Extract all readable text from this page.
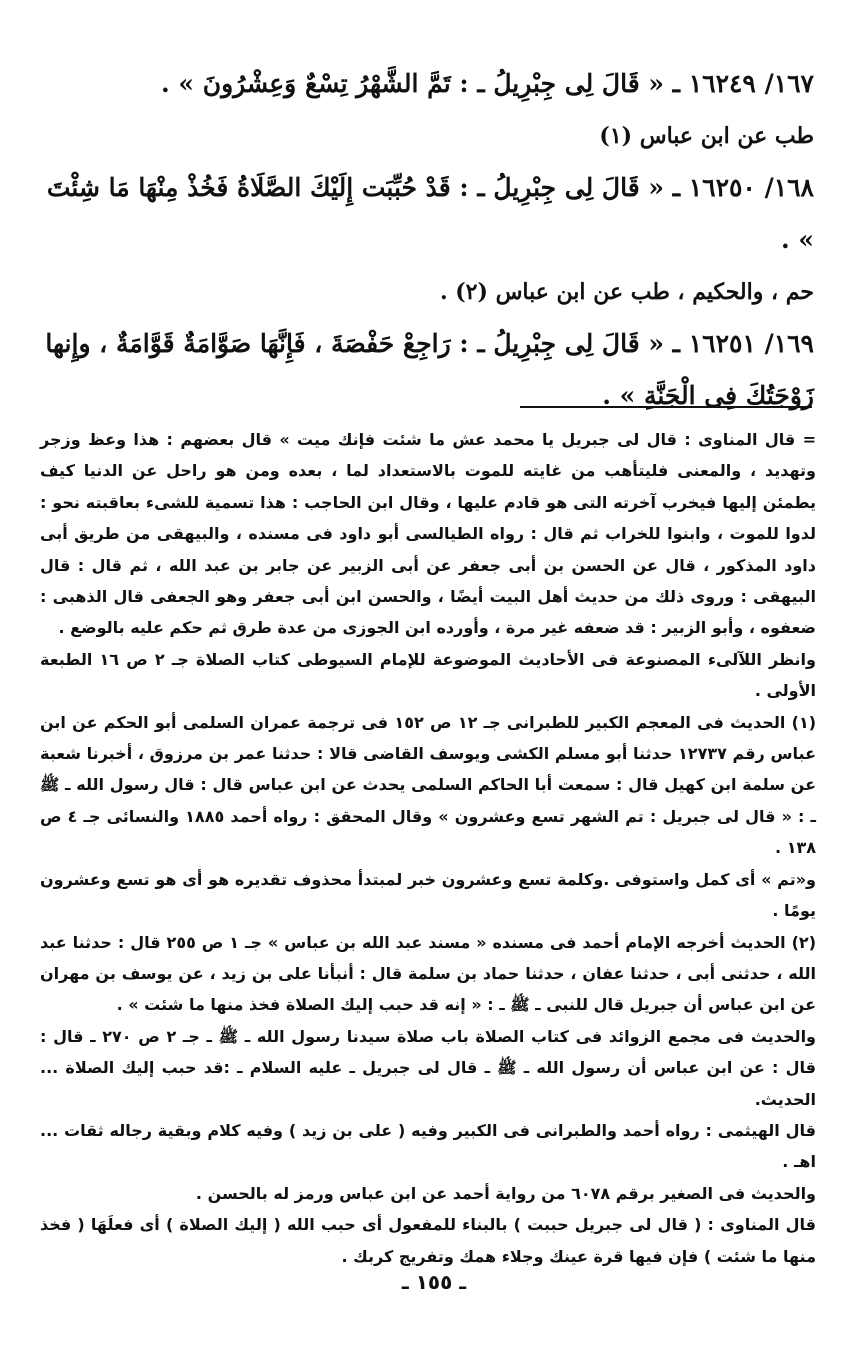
١٦٧/ ١٦٢٤٩ ـ « قَالَ لِى جِبْرِيلُ ـ : تَمَّ الشَّهْرُ تِسْعٌ وَعِشْرُونَ » .

طب عن ابن عباس (١)

١٦٨/ ١٦٢٥٠ ـ « قَالَ لِى جِبْرِيلُ ـ : قَدْ حُبِّبَت إِلَيْكَ الصَّلَاةُ فَخُذْ مِنْهَا مَا شِئْتَ » .

حم ، والحكيم ، طب عن ابن عباس (٢) .

١٦٩/ ١٦٢٥١ ـ « قَالَ لِى جِبْرِيلُ ـ : رَاجِعْ حَفْصَةَ ، فَإِنَّهَا صَوَّامَةٌ قَوَّامَةٌ ، وإِنها زَوْجَتُكَ فِى الْجَنَّةِ » .

= قال المناوى : قال لى جبريل يا محمد عش ما شئت فإنك ميت » قال بعضهم : هذا وعظ وزجر وتهديد ، والمعنى فليتأهب من غايته للموت بالاستعداد لما ، بعده ومن هو راحل عن الدنيا كيف يطمئن إليها فيخرب آخرته التى هو قادم عليها ، وقال ابن الحاجب : هذا تسمية للشىء بعاقبته نحو : لدوا للموت ، وابنوا للخراب ثم قال : رواه الطيالسى أبو داود فى مسنده ، والبيهقى من طريق أبى داود المذكور ، قال عن الحسن بن أبى جعفر عن أبى الزبير عن جابر بن عبد الله ، ثم قال : قال البيهقى : وروى ذلك من حديث أهل البيت أيضًا ، والحسن ابن أبى جعفر وهو الجعفى قال الذهبى : ضعفوه ، وأبو الزبير : قد ضعفه غير مرة ، وأورده ابن الجوزى من عدة طرق ثم حكم عليه بالوضع .

وانظر اللآلىء المصنوعة فى الأحاديث الموضوعة للإمام السيوطى كتاب الصلاة جـ ٢ ص ١٦ الطبعة الأولى .

(١) الحديث فى المعجم الكبير للطبرانى جـ ١٢ ص ١٥٢ فى ترجمة عمران السلمى أبو الحكم عن ابن عباس رقم ١٢٧٣٧ حدثنا أبو مسلم الكشى ويوسف القاضى قالا : حدثنا عمر بن مرزوق ، أخبرنا شعبة عن سلمة ابن كهيل قال : سمعت أبا الحاكم السلمى يحدث عن ابن عباس قال : قال رسول الله ـ ﷺ ـ : « قال لى جبريل : تم الشهر تسع وعشرون » وقال المحقق : رواه أحمد ١٨٨٥ والنسائى جـ ٤ ص ١٣٨ .

و«تم » أى كمل واستوفى .وكلمة تسع وعشرون خبر لمبتدأ محذوف تقديره هو أى هو تسع وعشرون يومًا .

(٢) الحديث أخرجه الإمام أحمد فى مسنده « مسند عبد الله بن عباس » جـ ١ ص ٢٥٥ قال : حدثنا عبد الله ، حدثنى أبى ، حدثنا عفان ، حدثنا حماد بن سلمة قال : أنبأنا على بن زيد ، عن يوسف بن مهران عن ابن عباس أن جبريل قال للنبى ـ ﷺ ـ : « إنه قد حبب إليك الصلاة فخذ منها ما شئت » .

والحديث فى مجمع الزوائد فى كتاب الصلاة باب صلاة سيدنا رسول الله ـ ﷺ ـ جـ ٢ ص ٢٧٠ ـ قال : قال : عن ابن عباس أن رسول الله ـ ﷺ ـ قال لى جبريل ـ عليه السلام ـ :قد حبب إليك الصلاة ... الحديث.

قال الهيثمى : رواه أحمد والطبرانى فى الكبير وفيه ( على بن زيد ) وفيه كلام وبقية رجاله ثقات ... اهـ .

والحديث فى الصغير برقم ٦٠٧٨ من رواية أحمد عن ابن عباس ورمز له بالحسن .

قال المناوى : ( قال لى جبريل حببت ) بالبناء للمفعول أى حبب الله ( إليك الصلاة ) أى فعلَهَا ( فخذ منها ما شئت ) فإن فيها قرة عينك وجلاء همك وتفريج كربك .

ـ ١٥٥ ـ
